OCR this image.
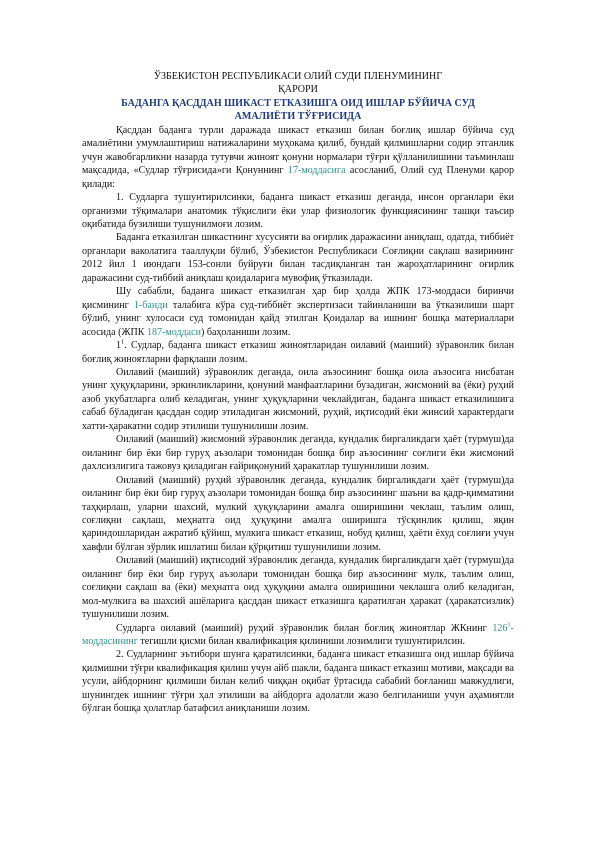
ЎЗБЕКИСТОН РЕСПУБЛИКАСИ ОЛИЙ СУДИ ПЛЕНУМИНИНГ

ҚАРОРИ

БАДАНГА ҚАСДДАН ШИКАСТ ЕТКАЗИШГА ОИД ИШЛАР БЎЙИЧА СУД

АМАЛИЁТИ ТЎҒРИСИДА

Қасддан баданга турли даражада шикаст етказиш билан боғлиқ ишлар бўйича суд амалиётини умумлаштириш натижаларини муҳокама қилиб, бундай қилмишларни содир этганлик учун жавобгарликни назарда тутувчи жиноят қонуни нормалари тўғри қўлланилишини таъминлаш мақсадида, «Судлар тўғрисида»ги Қонуннинг 17-моддасига асосланиб, Олий суд Пленуми қарор қилади:

1. Судларга тушунтирилсинки, баданга шикаст етказиш деганда, инсон органлари ёки организми тўқималари анатомик тўқислиги ёки улар физиологик функциясининг ташқи таъсир оқибатида бузилиши тушунилмоғи лозим.

Баданга етказилган шикастнинг хусусияти ва оғирлик даражасини аниқлаш, одатда, тиббиёт органлари ваколатига тааллуқли бўлиб, Ўзбекистон Республикаси Соғлиқни сақлаш вазирининг 2012 йил 1 июндаги 153-сонли буйруғи билан тасдиқланган тан жароҳатларининг оғирлик даражасини суд-тиббий аниқлаш қоидаларига мувофиқ ўтказилади.

Шу сабабли, баданга шикаст етказилган ҳар бир ҳолда ЖПК 173-моддаси биринчи қисмининг 1-банди талабига кўра суд-тиббиёт экспертизаси тайинланиши ва ўтказилиши шарт бўлиб, унинг хулосаси суд томонидан қайд этилган Қоидалар ва ишнинг бошқа материаллари асосида (ЖПК 187-моддаси) баҳоланиши лозим.

$1^1$. Судлар, баданга шикаст етказиш жиноятларидан оилавий (маиший) зўравонлик билан боғлиқ жиноятларни фарқлаши лозим.

Оилавий (маиший) зўравонлик деганда, оила аъзосининг бошқа оила аъзосига нисбатан унинг ҳуқуқларини, эркинликларини, қонуний манфаатларини бузадиган, жисмоний ва (ёки) руҳий азоб укубатларга олиб келадиган, унинг ҳуқуқларини чеклайдиган, баданга шикаст етказилишига сабаб бўладиган қасддан содир этиладиган жисмоний, руҳий, иқтисодий ёки жинсий характердаги хатти-ҳаракатни содир этилиши тушунилиши лозим.

Оилавий (маиший) жисмоний зўравонлик деганда, кундалик биргаликдаги ҳаёт (турмуш)да оиланинг бир ёки бир гуруҳ аъзолари томонидан бошқа бир аъзосининг соғлиги ёки жисмоний дахлсизлигига тажовуз қиладиган ғайриқонуний ҳаракатлар тушунилиши лозим.

Оилавий (маиший) руҳий зўравонлик деганда, кундалик биргаликдаги ҳаёт (турмуш)да оиланинг бир ёки бир гуруҳ аъзолари томонидан бошқа бир аъзосининг шаъни ва қадр-қимматини таҳқирлаш, уларни шахсий, мулкий ҳуқуқларини амалга оширишини чеклаш, таълим олиш, соғлиқни сақлаш, меҳнатга оид ҳуқуқини амалга оширишга тўсқинлик қилиш, яқин қариндошларидан ажратиб қўйиш, мулкига шикаст етказиш, нобуд қилиш, ҳаёти ёхуд соғлиғи учун хавфли бўлган зўрлик ишлатиш билан қўрқитиш тушунилиши лозим.

Оилавий (маиший) иқтисодий зўравонлик деганда, кундалик биргаликдаги ҳаёт (турмуш)да оиланинг бир ёки бир гуруҳ аъзолари томонидан бошқа бир аъзосининг мулк, таълим олиш, соғлиқни сақлаш ва (ёки) меҳнатга оид ҳуқуқини амалга оширишини чеклашга олиб келадиган, мол-мулкига ва шахсий ашёларига қасддан шикаст етказишга қаратилган ҳаракат (ҳаракатсизлик) тушунилиши лозим.

Судларга оилавий (маиший) руҳий зўравонлик билан боғлиқ жиноятлар ЖКнинг $126^1$-моддасининг тегишли қисми билан квалификация қилиниши лозимлиги тушунтирилсин.

2. Судларнинг эътибори шунга қаратилсинки, баданга шикаст етказишга оид ишлар бўйича қилмишни тўғри квалификация қилиш учун айб шакли, баданга шикаст етказиш мотиви, мақсади ва усули, айбдорнинг қилмиши билан келиб чиққан оқибат ўртасида сабабий боғланиш мавжудлиги, шунингдек ишнинг тўғри ҳал этилиши ва айбдорга адолатли жазо белгиланиши учун аҳамиятли бўлган бошқа ҳолатлар батафсил аниқланиши лозим.
